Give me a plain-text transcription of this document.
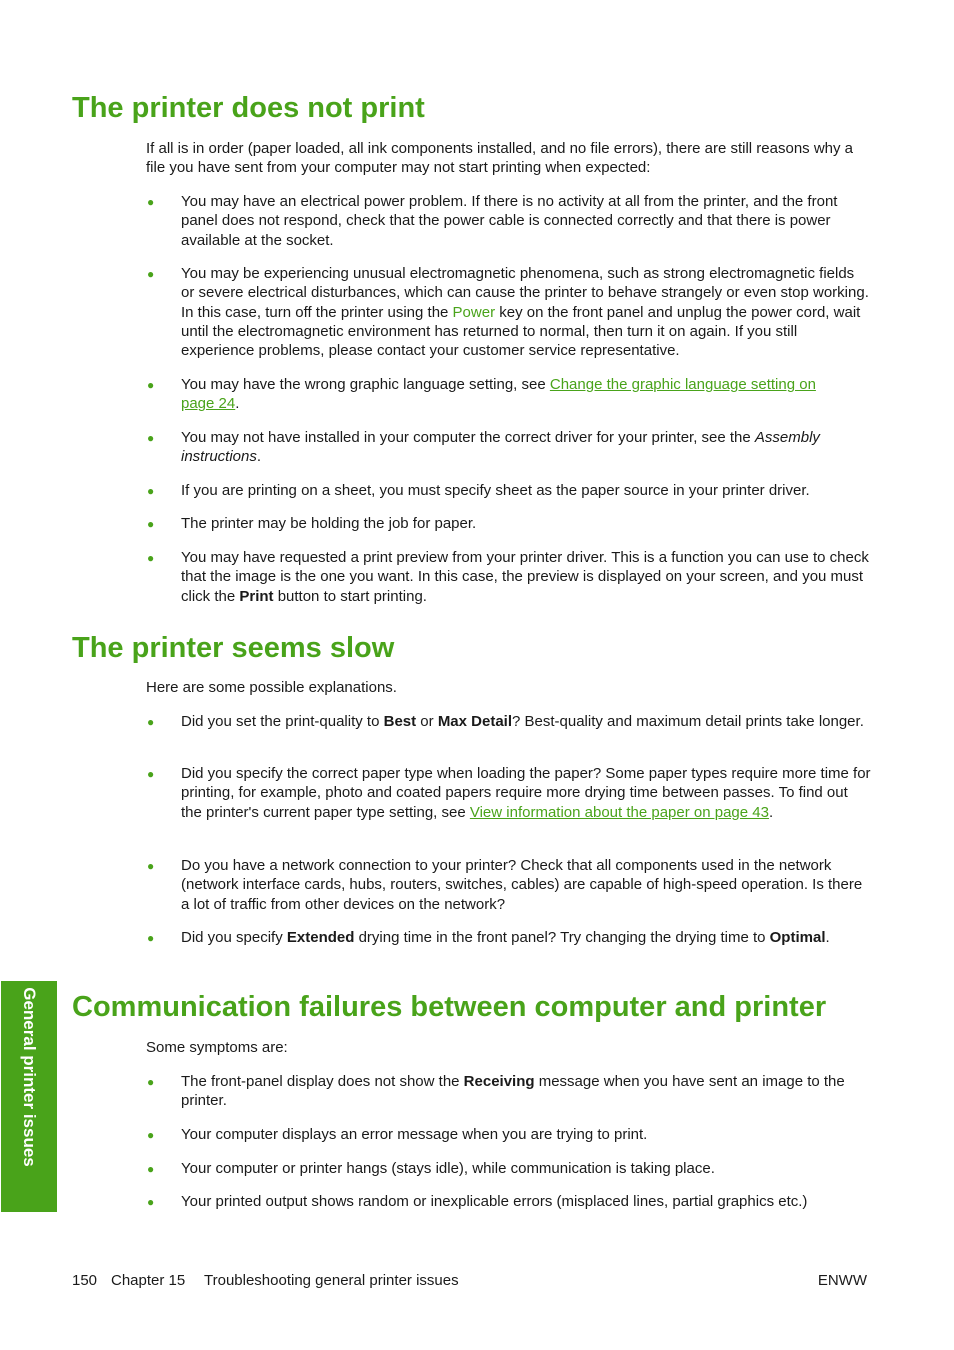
The printer does not print

If all is in order (paper loaded, all ink components installed, and no file errors), there are still reasons why a file you have sent from your computer may not start printing when expected:

● You may have an electrical power problem. If there is no activity at all from the printer, and the front panel does not respond, check that the power cable is connected correctly and that there is power available at the socket.

● You may be experiencing unusual electromagnetic phenomena, such as strong electromagnetic fields or severe electrical disturbances, which can cause the printer to behave strangely or even stop working. In this case, turn off the printer using the Power key on the front panel and unplug the power cord, wait until the electromagnetic environment has returned to normal, then turn it on again. If you still experience problems, please contact your customer service representative.

● You may have the wrong graphic language setting, see Change the graphic language setting on page 24.

● You may not have installed in your computer the correct driver for your printer, see the Assembly instructions.

● If you are printing on a sheet, you must specify sheet as the paper source in your printer driver.

● The printer may be holding the job for paper.

● You may have requested a print preview from your printer driver. This is a function you can use to check that the image is the one you want. In this case, the preview is displayed on your screen, and you must click the Print button to start printing.

The printer seems slow

Here are some possible explanations.

● Did you set the print-quality to Best or Max Detail? Best-quality and maximum detail prints take longer.

● Did you specify the correct paper type when loading the paper? Some paper types require more time for printing, for example, photo and coated papers require more drying time between passes. To find out the printer's current paper type setting, see View information about the paper on page 43.

● Do you have a network connection to your printer? Check that all components used in the network (network interface cards, hubs, routers, switches, cables) are capable of high-speed operation. Is there a lot of traffic from other devices on the network?

● Did you specify Extended drying time in the front panel? Try changing the drying time to Optimal.

Communication failures between computer and printer

Some symptoms are:

● The front-panel display does not show the Receiving message when you have sent an image to the printer.

● Your computer displays an error message when you are trying to print.

● Your computer or printer hangs (stays idle), while communication is taking place.

● Your printed output shows random or inexplicable errors (misplaced lines, partial graphics etc.)

General printer issues
150 Chapter 15 Troubleshooting general printer issues	ENWW
